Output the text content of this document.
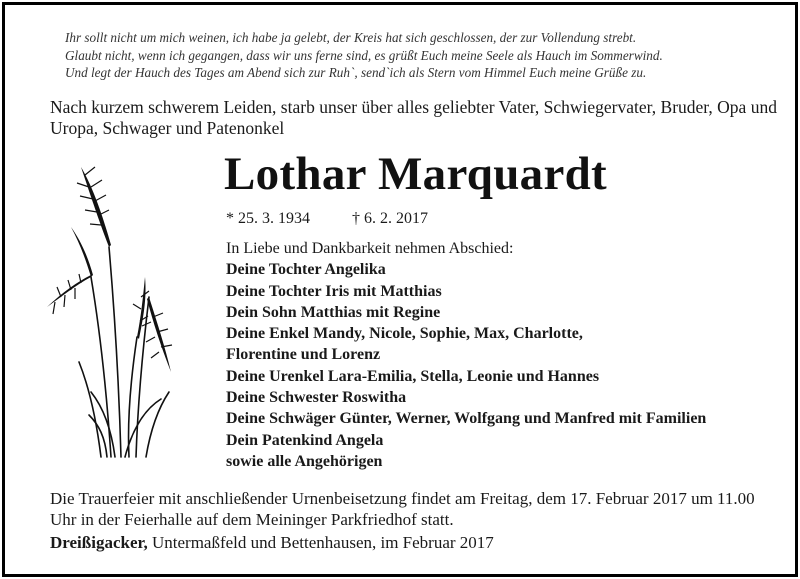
Ihr sollt nicht um mich weinen, ich habe ja gelebt, der Kreis hat sich geschlossen, der zur Vollendung strebt.
Glaubt nicht, wenn ich gegangen, dass wir uns ferne sind, es grüßt Euch meine Seele als Hauch im Sommerwind.
Und legt der Hauch des Tages am Abend sich zur Ruh`, send`ich als Stern vom Himmel Euch meine Grüße zu.
Nach kurzem schwerem Leiden, starb unser über alles geliebter Vater, Schwiegervater, Bruder, Opa und Uropa, Schwager und Patenonkel
Lothar Marquardt
* 25. 3. 1934	† 6. 2. 2017
In Liebe und Dankbarkeit nehmen Abschied:
Deine Tochter Angelika
Deine Tochter Iris mit Matthias
Dein Sohn Matthias mit Regine
Deine Enkel Mandy, Nicole, Sophie, Max, Charlotte,
Florentine und Lorenz
Deine Urenkel Lara-Emilia, Stella, Leonie und Hannes
Deine Schwester Roswitha
Deine Schwäger Günter, Werner, Wolfgang und Manfred mit Familien
Dein Patenkind Angela
sowie alle Angehörigen
Die Trauerfeier mit anschließender Urnenbeisetzung findet am Freitag, dem 17. Februar 2017 um 11.00 Uhr in der Feierhalle auf dem Meininger Parkfriedhof statt.
Dreißigacker, Untermaßfeld und Bettenhausen, im Februar 2017
